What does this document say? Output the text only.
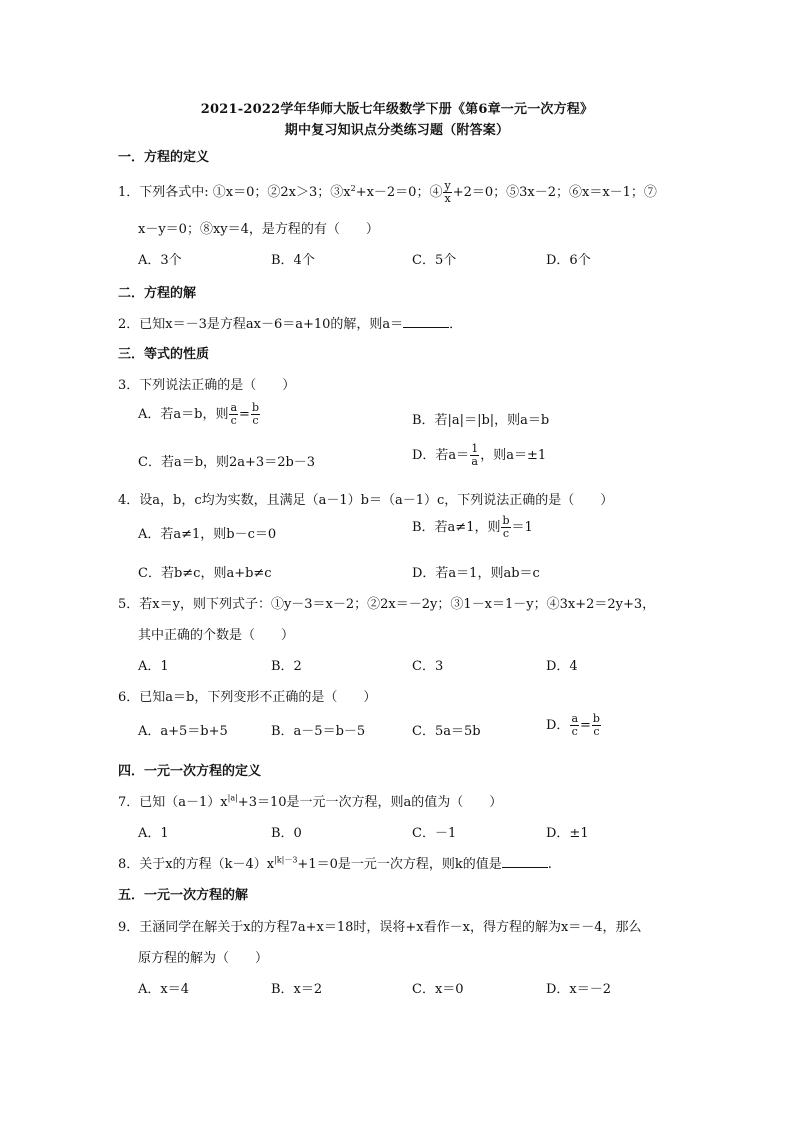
2021-2022学年华师大版七年级数学下册《第6章一元一次方程》
期中复习知识点分类练习题（附答案）
一．方程的定义
1．下列各式中: ①x＝0；②2x＞3；$③x^2+x-2=0$；④ $\frac{y}{x} +2=0$；⑤3x－2；⑥x＝x－1；⑦
x－y＝0；⑧xy＝4，是方程的有（　　）
A．3个	B．4个	C．5个	D．6个
二．方程的解
2．已知x＝－3是方程ax－6＝a+10的解，则a＝	．
三．等式的性质
3．下列说法正确的是（　　）
A．若a＝b，则 $\frac{a}{c} = \frac{b}{c}$	B．若|a|＝|b|，则a＝b
C．若a＝b，则2a+3＝2b－3	D．若$a= \frac{1}{a}$ ，则a＝±1
4．设a，b，c均为实数，且满足（a－1）b＝（a－1）c，下列说法正确的是（　　）
A．若a≠1，则b－c＝0	B．若a≠1，则 $\frac{b}{c} =1$
C．若b≠c，则a+b≠c	D．若a＝1，则ab＝c
5．若x＝y，则下列式子：①y－3＝x－2；②2x＝－2y；③1－x＝1－y；④3x+2＝2y+3，
其中正确的个数是（　　）
A．1	B．2	C．3	D．4
6．已知a＝b，下列变形不正确的是（　　）
A．a+5＝b+5	B．a－5＝b－5	C．5a＝5b	D． $\frac{a}{c} = \frac{b}{c}$
四．一元一次方程的定义
7．已知$(a-1)x^{|a|}+3=10$是一元一次方程，则a的值为（　　）
A．1	B．0	C．－1	D．±1
8．关于x的方程$(k-4)x^{|k|-3}+1=0$是一元一次方程，则k的值是	.
五．一元一次方程的解
9．王涵同学在解关于x的方程7a+x＝18时，误将+x看作－x，得方程的解为x＝－4，那么
原方程的解为（　　）
A．x＝4	B．x＝2	C．x＝0	D．x＝－2
